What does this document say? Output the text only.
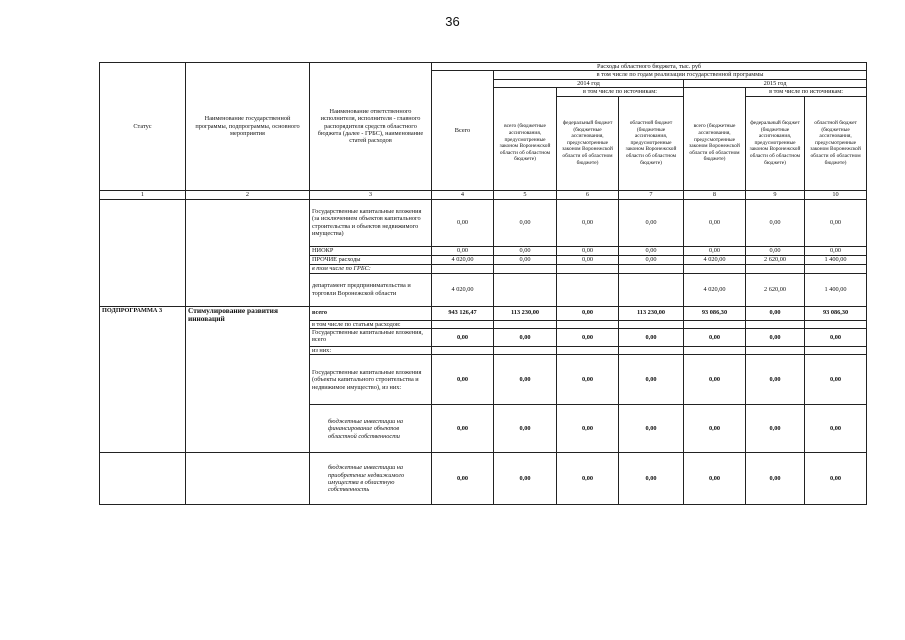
36
Статус	Наименование государственной программы, подпрограммы, основного мероприятия	Наименование ответственного исполнителя, исполнителя - главного распорядителя средств областного бюджета (далее - ГРБС), наименование статей расходов	Расходы областного бюджета, тыс. руб						
			Всего	в том числе по годам реализации государственной программы					
				2014 год			2015 год		
					в том числе по источникам:			в том числе по источникам:	
				всего (бюджетные ассигнования, предусмотренные законом Воронежской области об областном бюджете)	федеральный бюджет (бюджетные ассигнования, предусмотренные законом Воронежской области об областном бюджете)	областной бюджет (бюджетные ассигнования, предусмотренные законом Воронежской области об областном бюджете)	всего (бюджетные ассигнования, предусмотренные законом Воронежской области об областном бюджете)	федеральный бюджет (бюджетные ассигнования, предусмотренные законом Воронежской области об областном бюджете)	областной бюджет (бюджетные ассигнования, предусмотренные законом Воронежской области об областном бюджете)
1	2	3	4	5	6	7	8	9	10
		Государственные капитальные вложения (за исключением объектов капитального строительства и объектов недвижимого имущества)	0,00	0,00	0,00	0,00	0,00	0,00	0,00
		НИОКР	0,00	0,00	0,00	0,00	0,00	0,00	0,00
		ПРОЧИЕ расходы	4 020,00	0,00	0,00	0,00	4 020,00	2 620,00	1 400,00
		в том числе по ГРБС:							
		департамент предпринимательства и торговли Воронежской области	4 020,00				4 020,00	2 620,00	1 400,00
ПОДПРОГРАММА 3	Стимулирование развития инноваций	всего	943 126,47	113 230,00	0,00	113 230,00	93 086,30	0,00	93 086,30
		в том числе по статьям расходов:							
		Государственные капитальные вложения, всего	0,00	0,00	0,00	0,00	0,00	0,00	0,00
		из них:							
		Государственные капитальные вложения (объекты капитального строительства и недвижимое имущество), из них:	0,00	0,00	0,00	0,00	0,00	0,00	0,00
		бюджетные инвестиции на финансирование объектов областной собственности	0,00	0,00	0,00	0,00	0,00	0,00	0,00
		бюджетные инвестиции на приобретение недвижимого имущества в областную собственность	0,00	0,00	0,00	0,00	0,00	0,00	0,00
